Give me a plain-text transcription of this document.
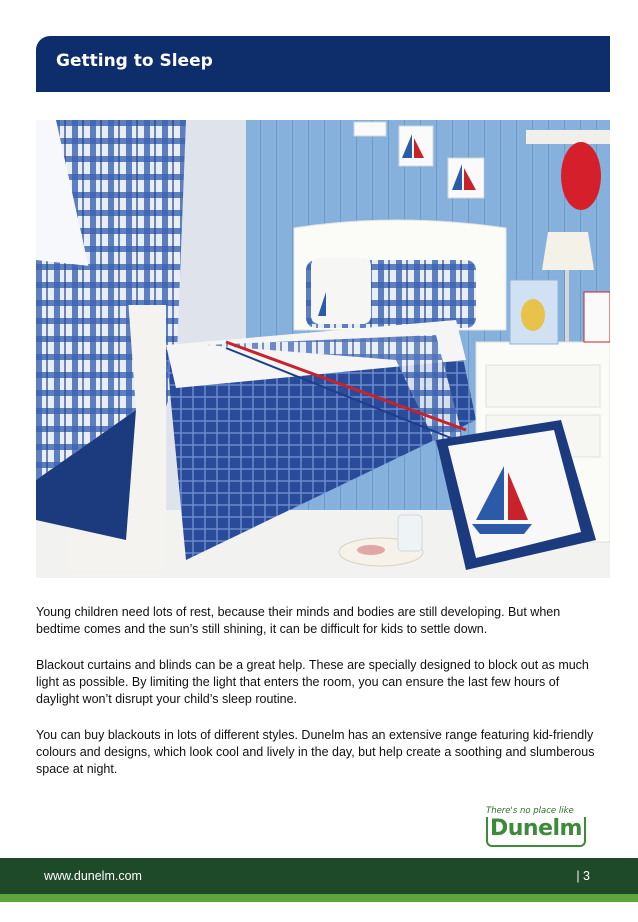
Getting to Sleep

Young children need lots of rest, because their minds and bodies are still developing. But when bedtime comes and the sun’s still shining, it can be difficult for kids to settle down.

Blackout curtains and blinds can be a great help. These are specially designed to block out as much light as possible. By limiting the light that enters the room, you can ensure the last few hours of daylight won’t disrupt your child’s sleep routine.

You can buy blackouts in lots of different styles. Dunelm has an extensive range featuring kid-friendly colours and designs, which look cool and lively in the day, but help create a soothing and slumberous space at night.

There's no place like
Dunelm
www.dunelm.com	| 3
